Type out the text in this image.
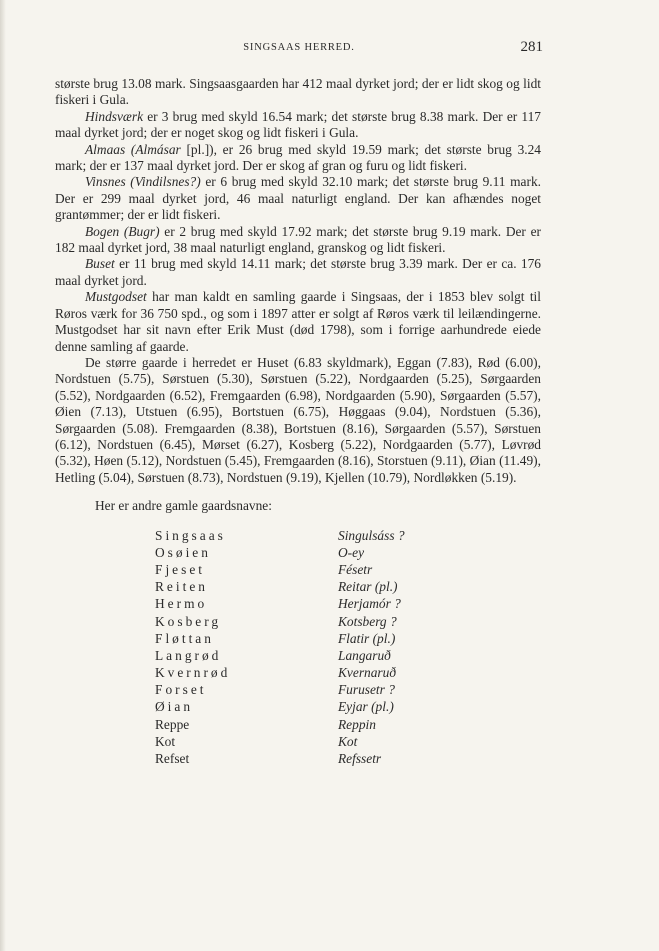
SINGSAAS HERRED.	281

største brug 13.08 mark. Singsaasgaarden har 412 maal dyrket jord; der er lidt skog og lidt fiskeri i Gula.

Hindsværk er 3 brug med skyld 16.54 mark; det største brug 8.38 mark. Der er 117 maal dyrket jord; der er noget skog og lidt fiskeri i Gula.

Almaas (Almásar [pl.]), er 26 brug med skyld 19.59 mark; det største brug 3.24 mark; der er 137 maal dyrket jord. Der er skog af gran og furu og lidt fiskeri.

Vinsnes (Vindilsnes?) er 6 brug med skyld 32.10 mark; det største brug 9.11 mark. Der er 299 maal dyrket jord, 46 maal naturligt england. Der kan afhændes noget grantømmer; der er lidt fiskeri.

Bogen (Bugr) er 2 brug med skyld 17.92 mark; det største brug 9.19 mark. Der er 182 maal dyrket jord, 38 maal naturligt england, granskog og lidt fiskeri.

Buset er 11 brug med skyld 14.11 mark; det største brug 3.39 mark. Der er ca. 176 maal dyrket jord.

Mustgodset har man kaldt en samling gaarde i Singsaas, der i 1853 blev solgt til Røros værk for 36 750 spd., og som i 1897 atter er solgt af Røros værk til leilændingerne. Mustgodset har sit navn efter Erik Must (død 1798), som i forrige aarhundrede eiede denne samling af gaarde.

De større gaarde i herredet er Huset (6.83 skyldmark), Eggan (7.83), Rød (6.00), Nordstuen (5.75), Sørstuen (5.30), Sørstuen (5.22), Nordgaarden (5.25), Sørgaarden (5.52), Nordgaarden (6.52), Fremgaarden (6.98), Nordgaarden (5.90), Sørgaarden (5.57), Øien (7.13), Utstuen (6.95), Bortstuen (6.75), Høggaas (9.04), Nordstuen (5.36), Sørgaarden (5.08). Fremgaarden (8.38), Bortstuen (8.16), Sørgaarden (5.57), Sørstuen (6.12), Nordstuen (6.45), Mørset (6.27), Kosberg (5.22), Nordgaarden (5.77), Løvrød (5.32), Høen (5.12), Nordstuen (5.45), Fremgaarden (8.16), Storstuen (9.11), Øian (11.49), Hetling (5.04), Sørstuen (8.73), Nordstuen (9.19), Kjellen (10.79), Nordløkken (5.19).

Her er andre gamle gaardsnavne:

Singsaas	Singulsáss ?
Osøien	O-ey
Fjeset	Fésetr
Reiten	Reitar (pl.)
Hermo	Herjamór ?
Kosberg	Kotsberg ?
Fløttan	Flatir (pl.)
Langrød	Langaruð
Kvernrød	Kvernaruð
Forset	Furusetr ?
Øian	Eyjar (pl.)
Reppe	Reppin
Kot	Kot
Refset	Refssetr
